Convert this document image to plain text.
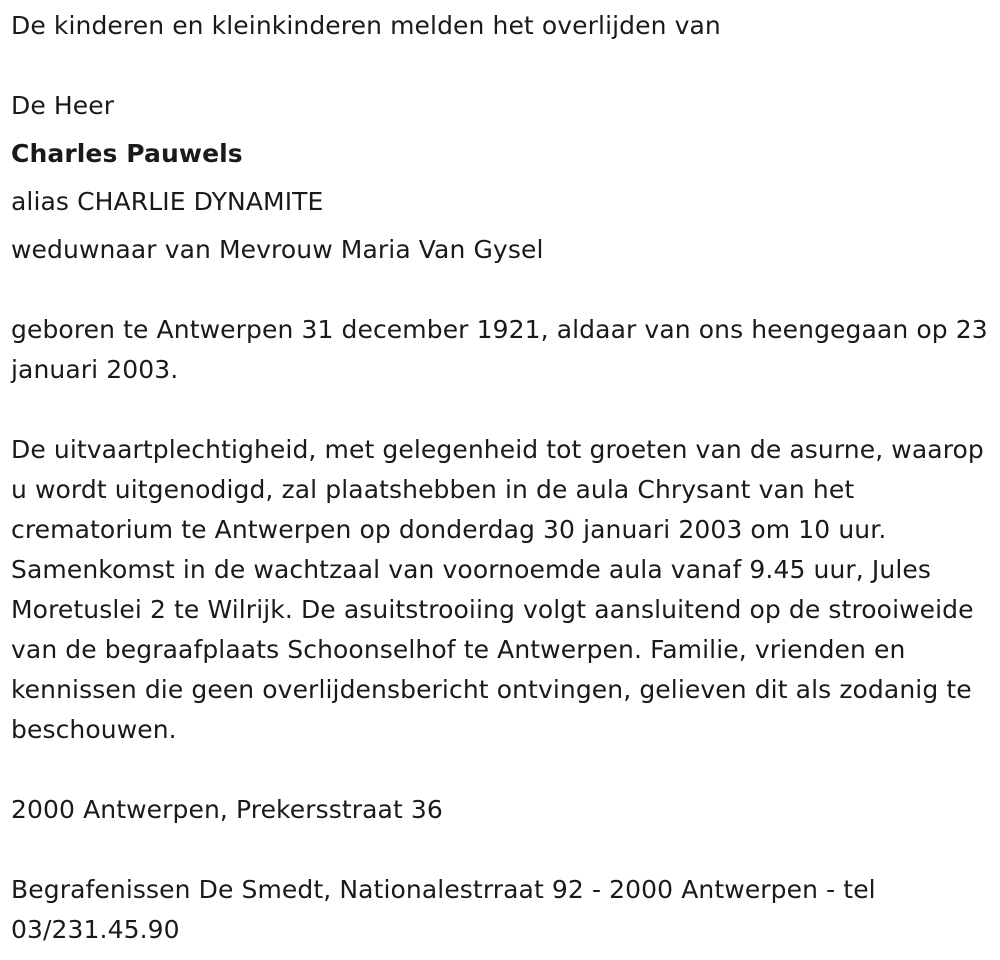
De kinderen en kleinkinderen melden het overlijden van
De Heer
Charles Pauwels
alias CHARLIE DYNAMITE
weduwnaar van Mevrouw Maria Van Gysel
geboren te Antwerpen 31 december 1921, aldaar van ons heengegaan op 23 januari 2003.
De uitvaartplechtigheid, met gelegenheid tot groeten van de asurne, waarop u wordt uitgenodigd, zal plaatshebben in de aula Chrysant van het crematorium te Antwerpen op donderdag 30 januari 2003 om 10 uur. Samenkomst in de wachtzaal van voornoemde aula vanaf 9.45 uur, Jules Moretuslei 2 te Wilrijk. De asuitstrooiing volgt aansluitend op de strooiweide van de begraafplaats Schoonselhof te Antwerpen. Familie, vrienden en kennissen die geen overlijdensbericht ontvingen, gelieven dit als zodanig te beschouwen.
2000 Antwerpen, Prekersstraat 36
Begrafenissen De Smedt, Nationalestrraat 92 - 2000 Antwerpen - tel 03/231.45.90
